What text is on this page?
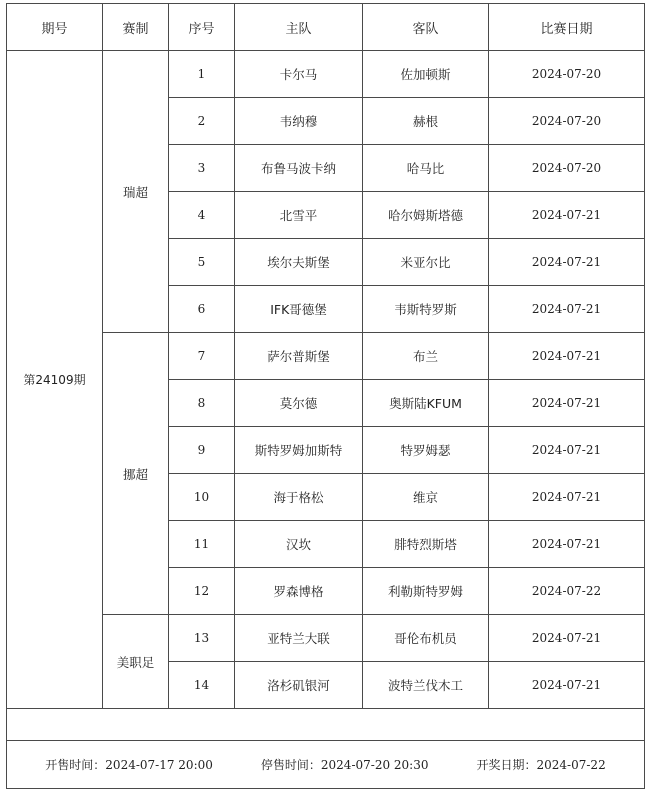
期号	赛制	序号	主队	客队	比赛日期
第24109期	瑞超	1	卡尔马	佐加顿斯	2024-07-20
		2	韦纳穆	赫根	2024-07-20
		3	布鲁马波卡纳	哈马比	2024-07-20
		4	北雪平	哈尔姆斯塔德	2024-07-21
		5	埃尔夫斯堡	米亚尔比	2024-07-21
		6	IFK哥德堡	韦斯特罗斯	2024-07-21
	挪超	7	萨尔普斯堡	布兰	2024-07-21
		8	莫尔德	奥斯陆KFUM	2024-07-21
		9	斯特罗姆加斯特	特罗姆瑟	2024-07-21
		10	海于格松	维京	2024-07-21
		11	汉坎	腓特烈斯塔	2024-07-21
		12	罗森博格	利勒斯特罗姆	2024-07-22
	美职足	13	亚特兰大联	哥伦布机员	2024-07-21
		14	洛杉矶银河	波特兰伐木工	2024-07-21

开售时间：2024-07-17 20:00 停售时间：2024-07-20 20:30 开奖日期：2024-07-22					
